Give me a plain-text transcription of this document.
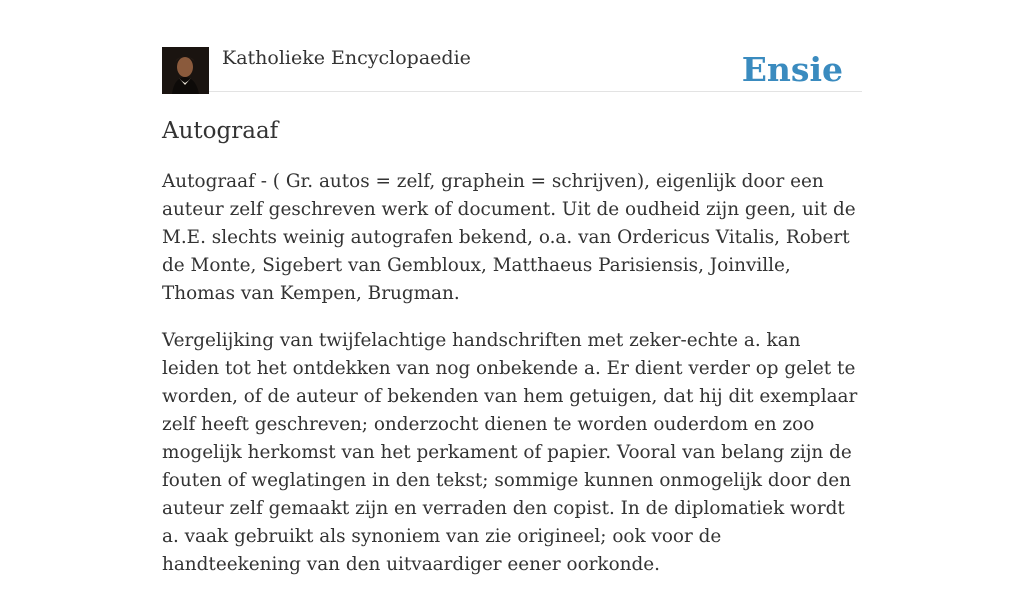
Katholieke Encyclopaedie	Ensie
Autograaf

Autograaf - ( Gr. autos = zelf, graphein = schrijven), eigenlijk door een auteur zelf geschreven werk of document. Uit de oudheid zijn geen, uit de M.E. slechts weinig autografen bekend, o.a. van Ordericus Vitalis, Robert de Monte, Sigebert van Gembloux, Matthaeus Parisiensis, Joinville, Thomas van Kempen, Brugman.

Vergelijking van twijfelachtige handschriften met zeker-echte a. kan leiden tot het ontdekken van nog onbekende a. Er dient verder op gelet te worden, of de auteur of bekenden van hem getuigen, dat hij dit exemplaar zelf heeft geschreven; onderzocht dienen te worden ouderdom en zoo mogelijk herkomst van het perkament of papier. Vooral van belang zijn de fouten of weglatingen in den tekst; sommige kunnen onmogelijk door den auteur zelf gemaakt zijn en verraden den copist. In de diplomatiek wordt a. vaak gebruikt als synoniem van zie origineel; ook voor de handteekening van den uitvaardiger eener oorkonde.
